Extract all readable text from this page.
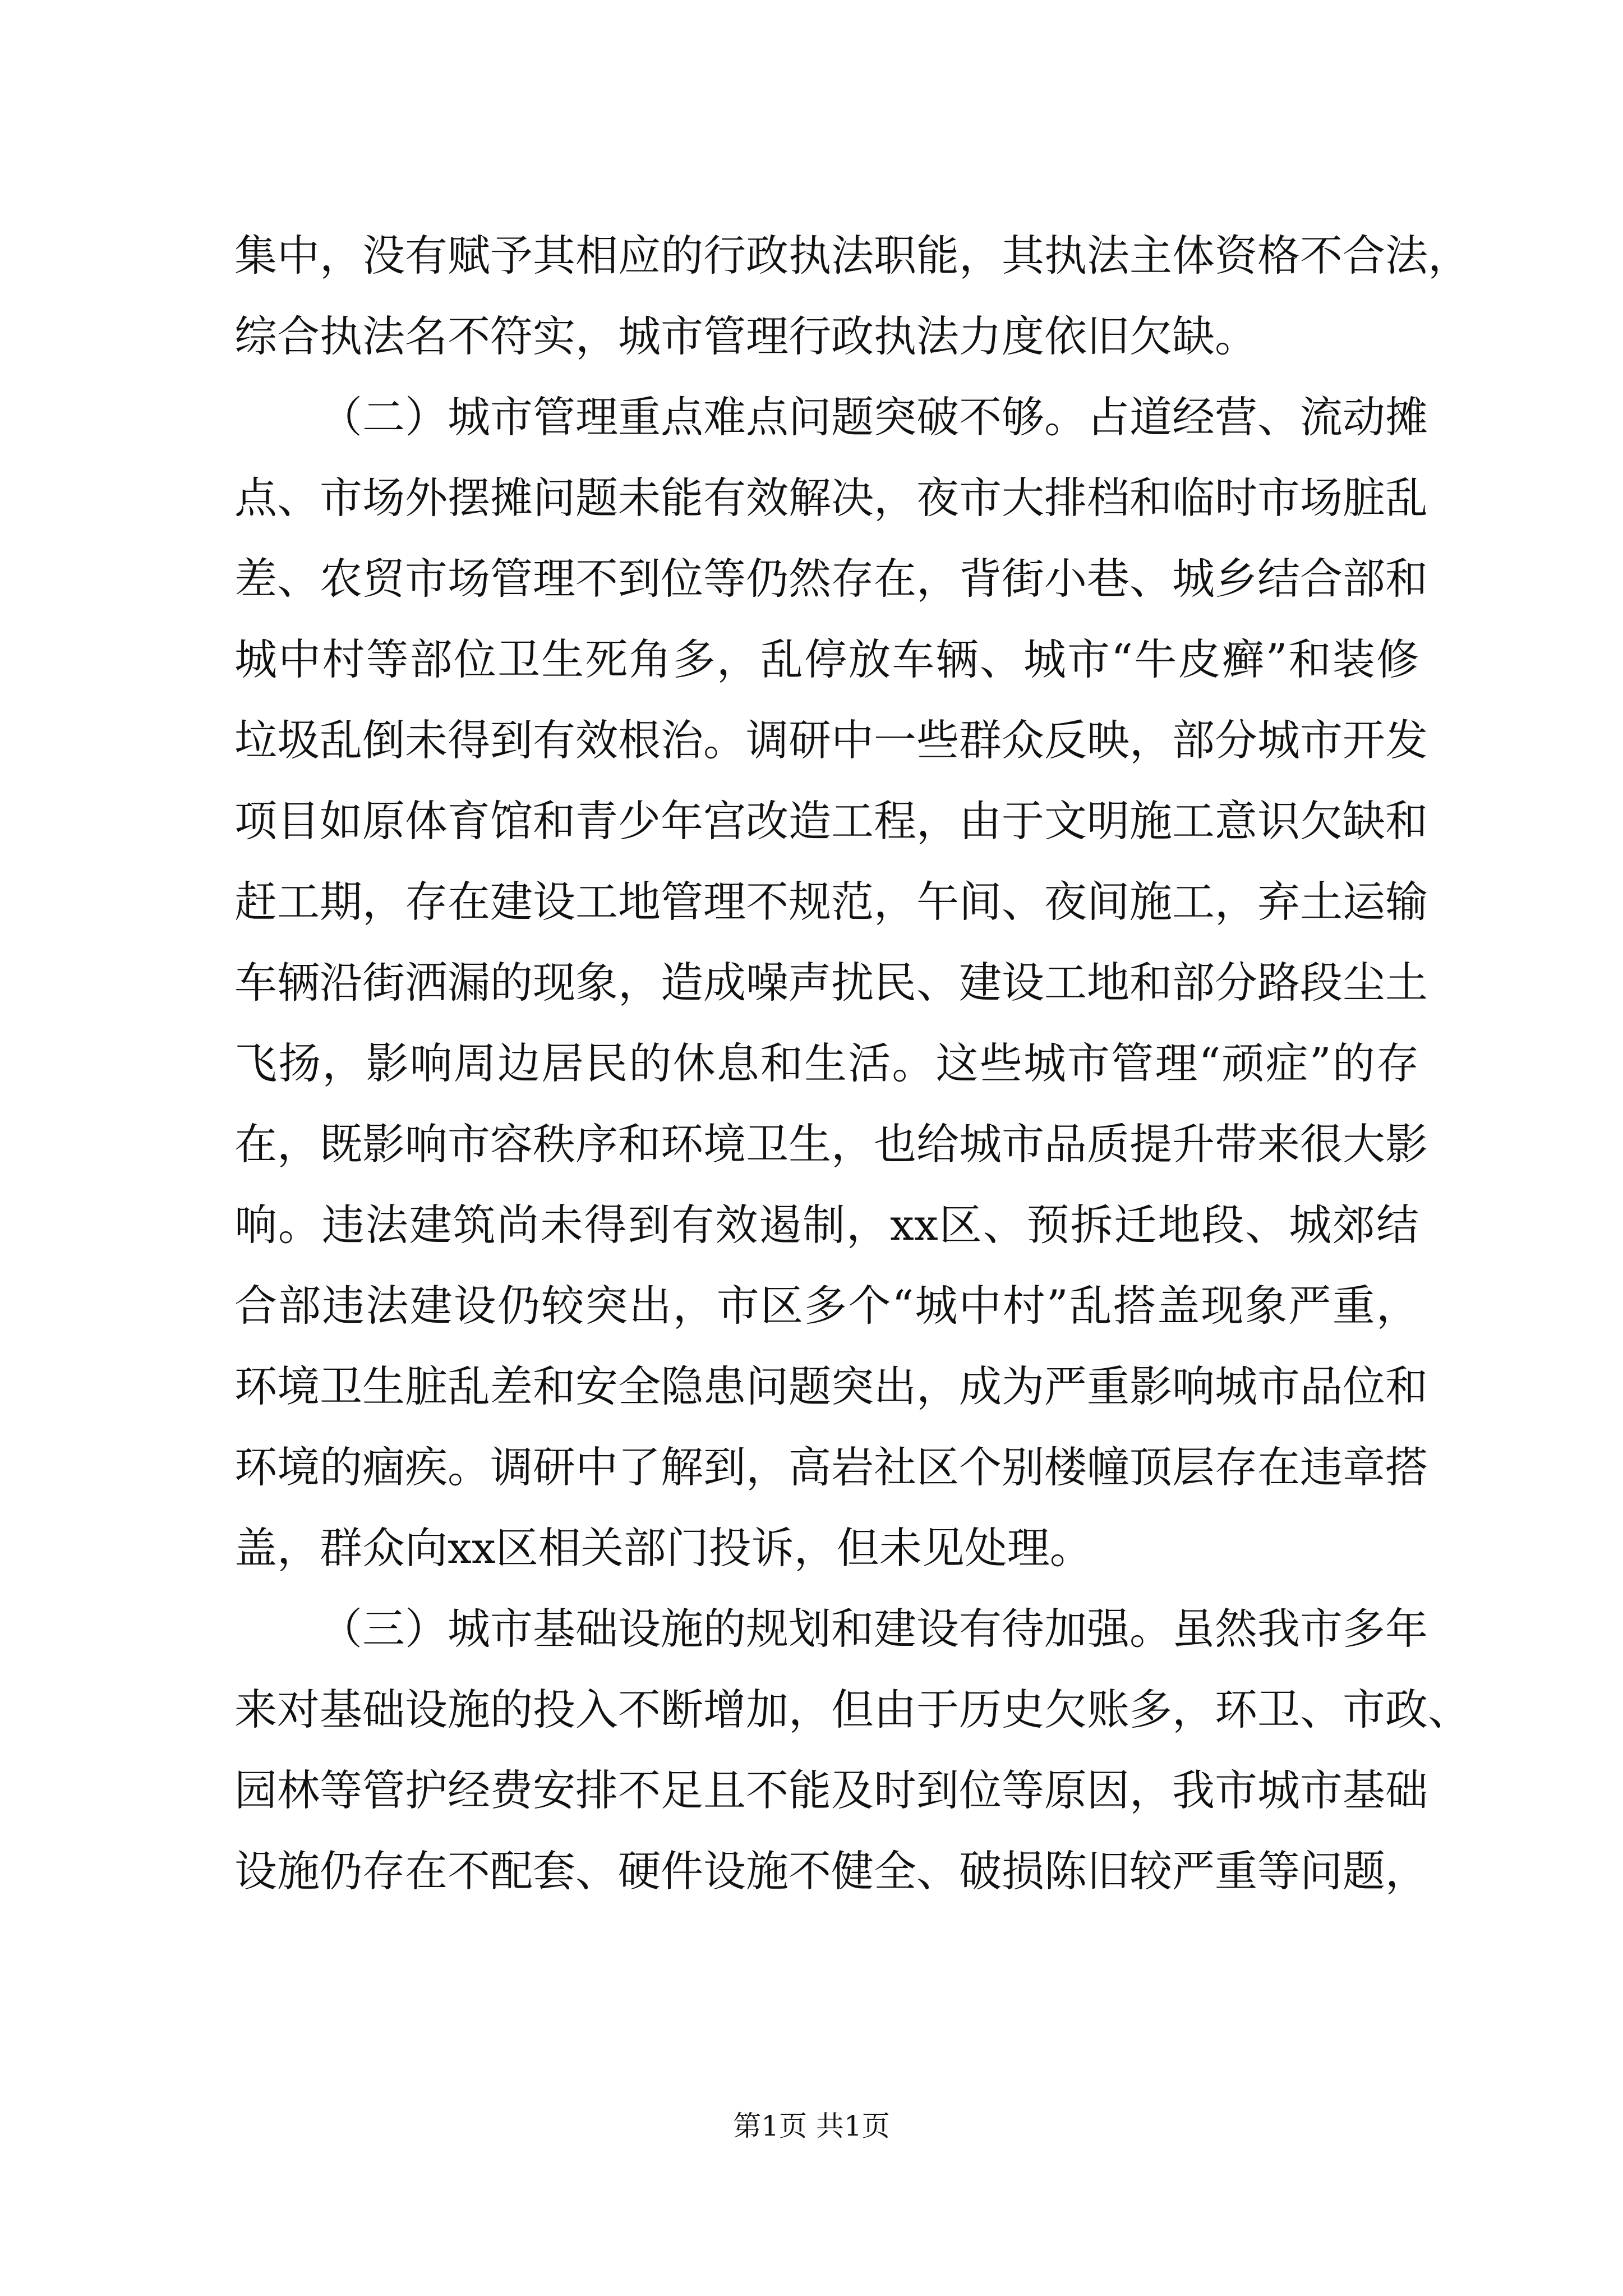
集中，没有赋予其相应的行政执法职能，其执法主体资格不合法，
综合执法名不符实，城市管理行政执法力度依旧欠缺。
（二）城市管理重点难点问题突破不够。占道经营、流动摊
点、市场外摆摊问题未能有效解决，夜市大排档和临时市场脏乱
差、农贸市场管理不到位等仍然存在，背街小巷、城乡结合部和
城中村等部位卫生死角多，乱停放车辆、城市“牛皮癣”和装修
垃圾乱倒未得到有效根治。调研中一些群众反映，部分城市开发
项目如原体育馆和青少年宫改造工程，由于文明施工意识欠缺和
赶工期，存在建设工地管理不规范，午间、夜间施工，弃土运输
车辆沿街洒漏的现象，造成噪声扰民、建设工地和部分路段尘土
飞扬，影响周边居民的休息和生活。这些城市管理“顽症”的存
在，既影响市容秩序和环境卫生，也给城市品质提升带来很大影
响。违法建筑尚未得到有效遏制，xx区、预拆迁地段、城郊结
合部违法建设仍较突出，市区多个“城中村”乱搭盖现象严重，
环境卫生脏乱差和安全隐患问题突出，成为严重影响城市品位和
环境的痼疾。调研中了解到，高岩社区个别楼幢顶层存在违章搭
盖，群众向xx区相关部门投诉，但未见处理。
（三）城市基础设施的规划和建设有待加强。虽然我市多年
来对基础设施的投入不断增加，但由于历史欠账多，环卫、市政、
园林等管护经费安排不足且不能及时到位等原因，我市城市基础
设施仍存在不配套、硬件设施不健全、破损陈旧较严重等问题，
第1页 共1页
